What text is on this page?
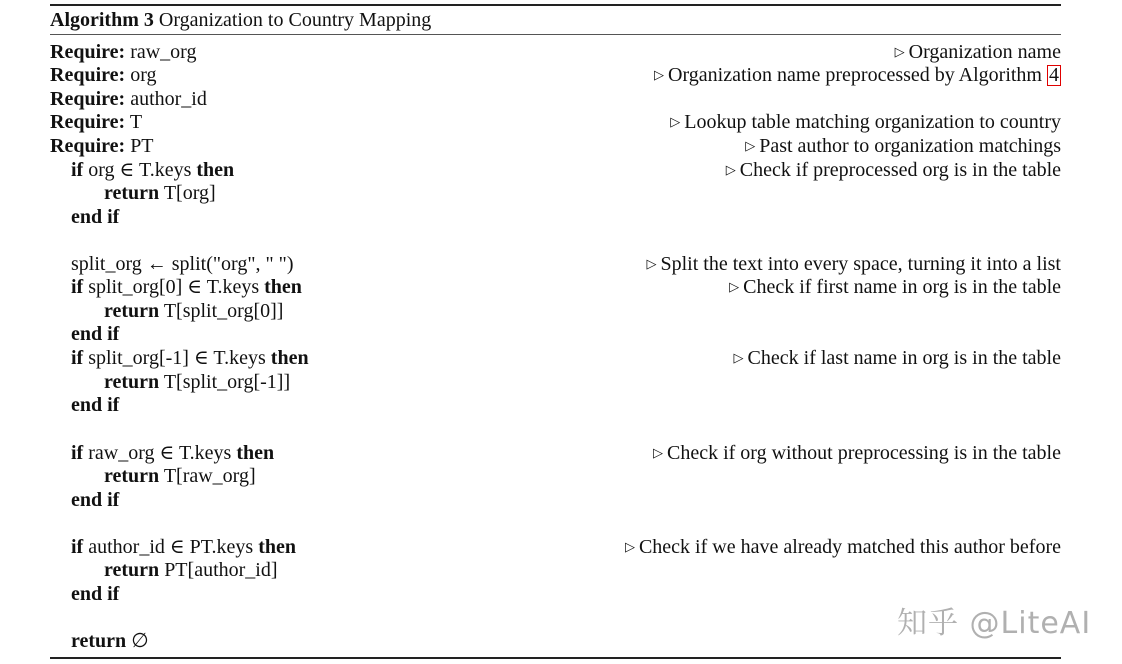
Algorithm 3 Organization to Country Mapping
Require: raw_org	▷ Organization name
Require: org	▷ Organization name preprocessed by Algorithm 4
Require: author_id
Require: T	▷ Lookup table matching organization to country
Require: PT	▷ Past author to organization matchings
if org ∈ T.keys then	▷ Check if preprocessed org is in the table
return T[org]
end if
split_org ← split("org", " ")	▷ Split the text into every space, turning it into a list
if split_org[0] ∈ T.keys then	▷ Check if first name in org is in the table
return T[split_org[0]]
end if
if split_org[-1] ∈ T.keys then	▷ Check if last name in org is in the table
return T[split_org[-1]]
end if
if raw_org ∈ T.keys then	▷ Check if org without preprocessing is in the table
return T[raw_org]
end if
if author_id ∈ PT.keys then	▷ Check if we have already matched this author before
return PT[author_id]
end if
return ∅	知乎 @LiteAI
